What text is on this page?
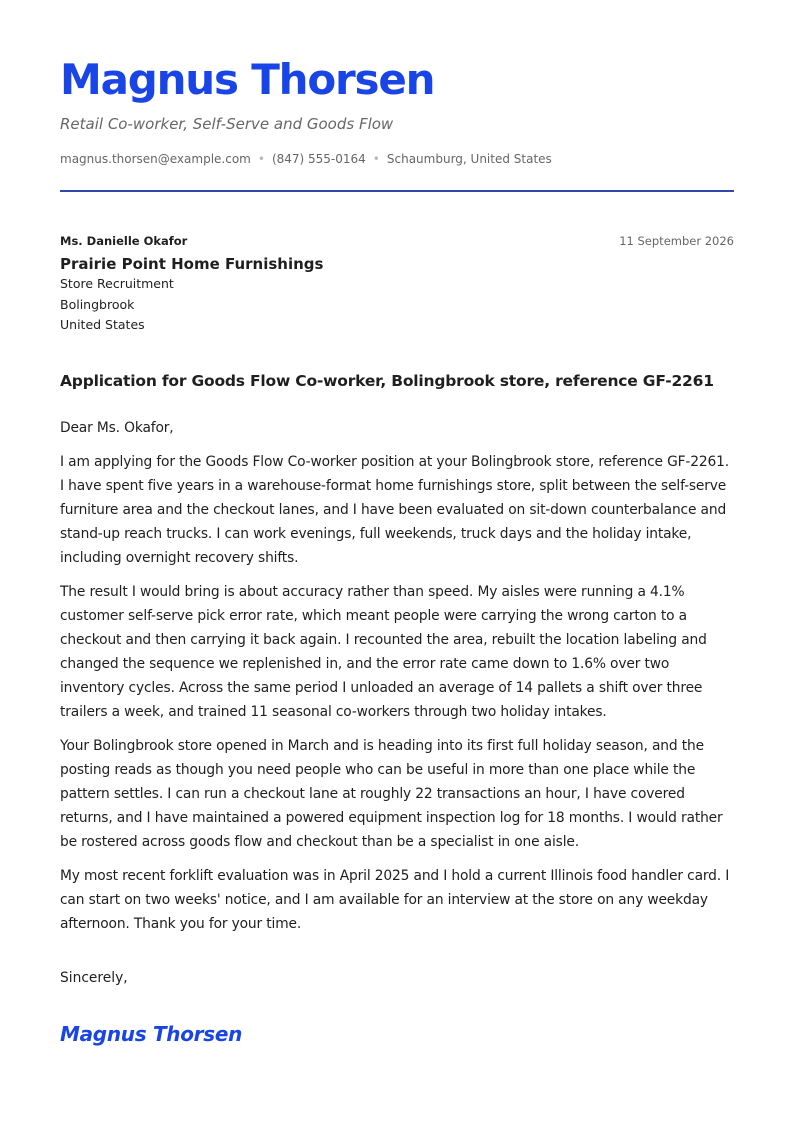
Magnus Thorsen
Retail Co-worker, Self-Serve and Goods Flow
magnus.thorsen@example.com • (847) 555-0164 • Schaumburg, United States
Ms. Danielle Okafor	11 September 2026
Prairie Point Home Furnishings
Store Recruitment
Bolingbrook
United States
Application for Goods Flow Co-worker, Bolingbrook store, reference GF-2261

Dear Ms. Okafor,

I am applying for the Goods Flow Co-worker position at your Bolingbrook store, reference GF-2261. I have spent five years in a warehouse-format home furnishings store, split between the self-serve furniture area and the checkout lanes, and I have been evaluated on sit-down counterbalance and stand-up reach trucks. I can work evenings, full weekends, truck days and the holiday intake, including overnight recovery shifts.

The result I would bring is about accuracy rather than speed. My aisles were running a 4.1% customer self-serve pick error rate, which meant people were carrying the wrong carton to a checkout and then carrying it back again. I recounted the area, rebuilt the location labeling and changed the sequence we replenished in, and the error rate came down to 1.6% over two inventory cycles. Across the same period I unloaded an average of 14 pallets a shift over three trailers a week, and trained 11 seasonal co-workers through two holiday intakes.

Your Bolingbrook store opened in March and is heading into its first full holiday season, and the posting reads as though you need people who can be useful in more than one place while the pattern settles. I can run a checkout lane at roughly 22 transactions an hour, I have covered returns, and I have maintained a powered equipment inspection log for 18 months. I would rather be rostered across goods flow and checkout than be a specialist in one aisle.

My most recent forklift evaluation was in April 2025 and I hold a current Illinois food handler card. I can start on two weeks' notice, and I am available for an interview at the store on any weekday afternoon. Thank you for your time.

Sincerely,
Magnus Thorsen
